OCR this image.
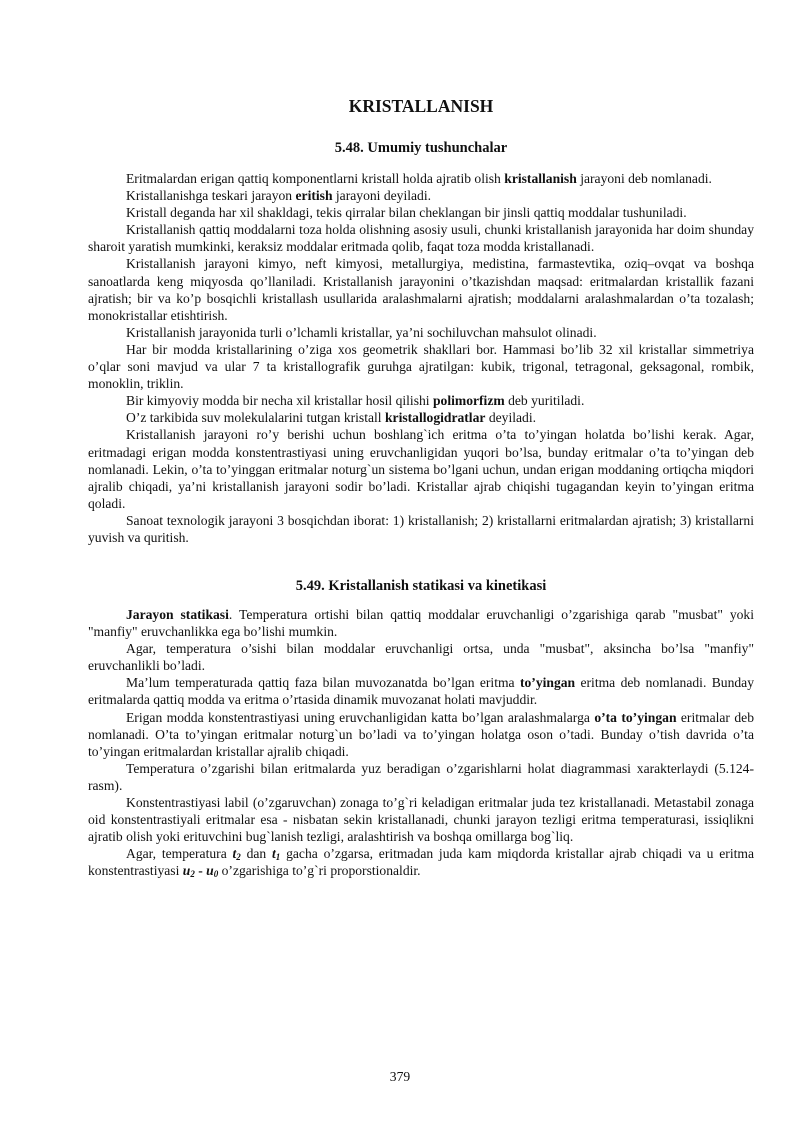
KRISTALLANISH
5.48. Umumiy tushunchalar

Eritmalardan erigan qattiq komponentlarni kristall holda ajratib olish kristallanish jarayoni deb nomlanadi.

Kristallanishga teskari jarayon eritish jarayoni deyiladi.

Kristall deganda har xil shakldagi, tekis qirralar bilan cheklangan bir jinsli qattiq moddalar tushuniladi.

Kristallanish qattiq moddalarni toza holda olishning asosiy usuli, chunki kristallanish jarayonida har doim shunday sharoit yaratish mumkinki, keraksiz moddalar eritmada qolib, faqat toza modda kristallanadi.

Kristallanish jarayoni kimyo, neft kimyosi, metallurgiya, medistina, farmastevtika, oziq–ovqat va boshqa sanoatlarda keng miqyosda qo’llaniladi. Kristallanish jarayonini o’tkazishdan maqsad: eritmalardan kristallik fazani ajratish; bir va ko’p bosqichli kristallash usullarida aralashmalarni ajratish; moddalarni aralashmalardan o’ta tozalash; monokristallar etishtirish.

Kristallanish jarayonida turli o’lchamli kristallar, ya’ni sochiluvchan mahsulot olinadi.

Har bir modda kristallarining o’ziga xos geometrik shakllari bor. Hammasi bo’lib 32 xil kristallar simmetriya o’qlar soni mavjud va ular 7 ta kristallografik guruhga ajratilgan: kubik, trigonal, tetragonal, geksagonal, rombik, monoklin, triklin.

Bir kimyoviy modda bir necha xil kristallar hosil qilishi polimorfizm deb yuritiladi.

O’z tarkibida suv molekulalarini tutgan kristall kristallogidratlar deyiladi.

Kristallanish jarayoni ro’y berishi uchun boshlang`ich eritma o’ta to’yingan holatda bo’lishi kerak. Agar, eritmadagi erigan modda konstentrastiyasi uning eruvchanligidan yuqori bo’lsa, bunday eritmalar o’ta to’yingan deb nomlanadi. Lekin, o’ta to’yinggan eritmalar noturg`un sistema bo’lgani uchun, undan erigan moddaning ortiqcha miqdori ajralib chiqadi, ya’ni kristallanish jarayoni sodir bo’ladi. Kristallar ajrab chiqishi tugagandan keyin to’yingan eritma qoladi.

Sanoat texnologik jarayoni 3 bosqichdan iborat: 1) kristallanish; 2) kristallarni eritmalardan ajratish; 3) kristallarni yuvish va quritish.

5.49. Kristallanish statikasi va kinetikasi

Jarayon statikasi. Temperatura ortishi bilan qattiq moddalar eruvchanligi o’zgarishiga qarab "musbat" yoki "manfiy" eruvchanlikka ega bo’lishi mumkin.

Agar, temperatura o’sishi bilan moddalar eruvchanligi ortsa, unda "musbat", aksincha bo’lsa "manfiy" eruvchanlikli bo’ladi.

Ma’lum temperaturada qattiq faza bilan muvozanatda bo’lgan eritma to’yingan eritma deb nomlanadi. Bunday eritmalarda qattiq modda va eritma o’rtasida dinamik muvozanat holati mavjuddir.

Erigan modda konstentrastiyasi uning eruvchanligidan katta bo’lgan aralashmalarga o’ta to’yingan eritmalar deb nomlanadi. O’ta to’yingan eritmalar noturg`un bo’ladi va to’yingan holatga oson o’tadi. Bunday o’tish davrida o’ta to’yingan eritmalardan kristallar ajralib chiqadi.

Temperatura o’zgarishi bilan eritmalarda yuz beradigan o’zgarishlarni holat diagrammasi xarakterlaydi (5.124-rasm).

Konstentrastiyasi labil (o’zgaruvchan) zonaga to’g`ri keladigan eritmalar juda tez kristallanadi. Metastabil zonaga oid konstentrastiyali eritmalar esa - nisbatan sekin kristallanadi, chunki jarayon tezligi eritma temperaturasi, issiqlikni ajratib olish yoki erituvchini bug`lanish tezligi, aralashtirish va boshqa omillarga bog`liq.

Agar, temperatura $t_2$ dan $t_1$ gacha o’zgarsa, eritmadan juda kam miqdorda kristallar ajrab chiqadi va u eritma konstentrastiyasi $u_2 - u_0$ o’zgarishiga to’g`ri proporstionaldir.

379
